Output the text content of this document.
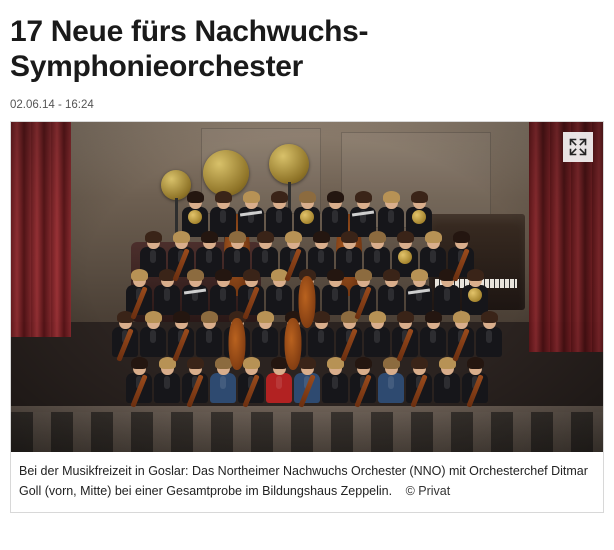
17 Neue fürs Nachwuchs-Symphonieorchester
02.06.14 - 16:24
Bei der Musikfreizeit in Goslar: Das Northeimer Nachwuchs Orchester (NNO) mit Orchesterchef Ditmar Goll (vorn, Mitte) bei einer Gesamtprobe im Bildungshaus Zeppelin. © Privat
